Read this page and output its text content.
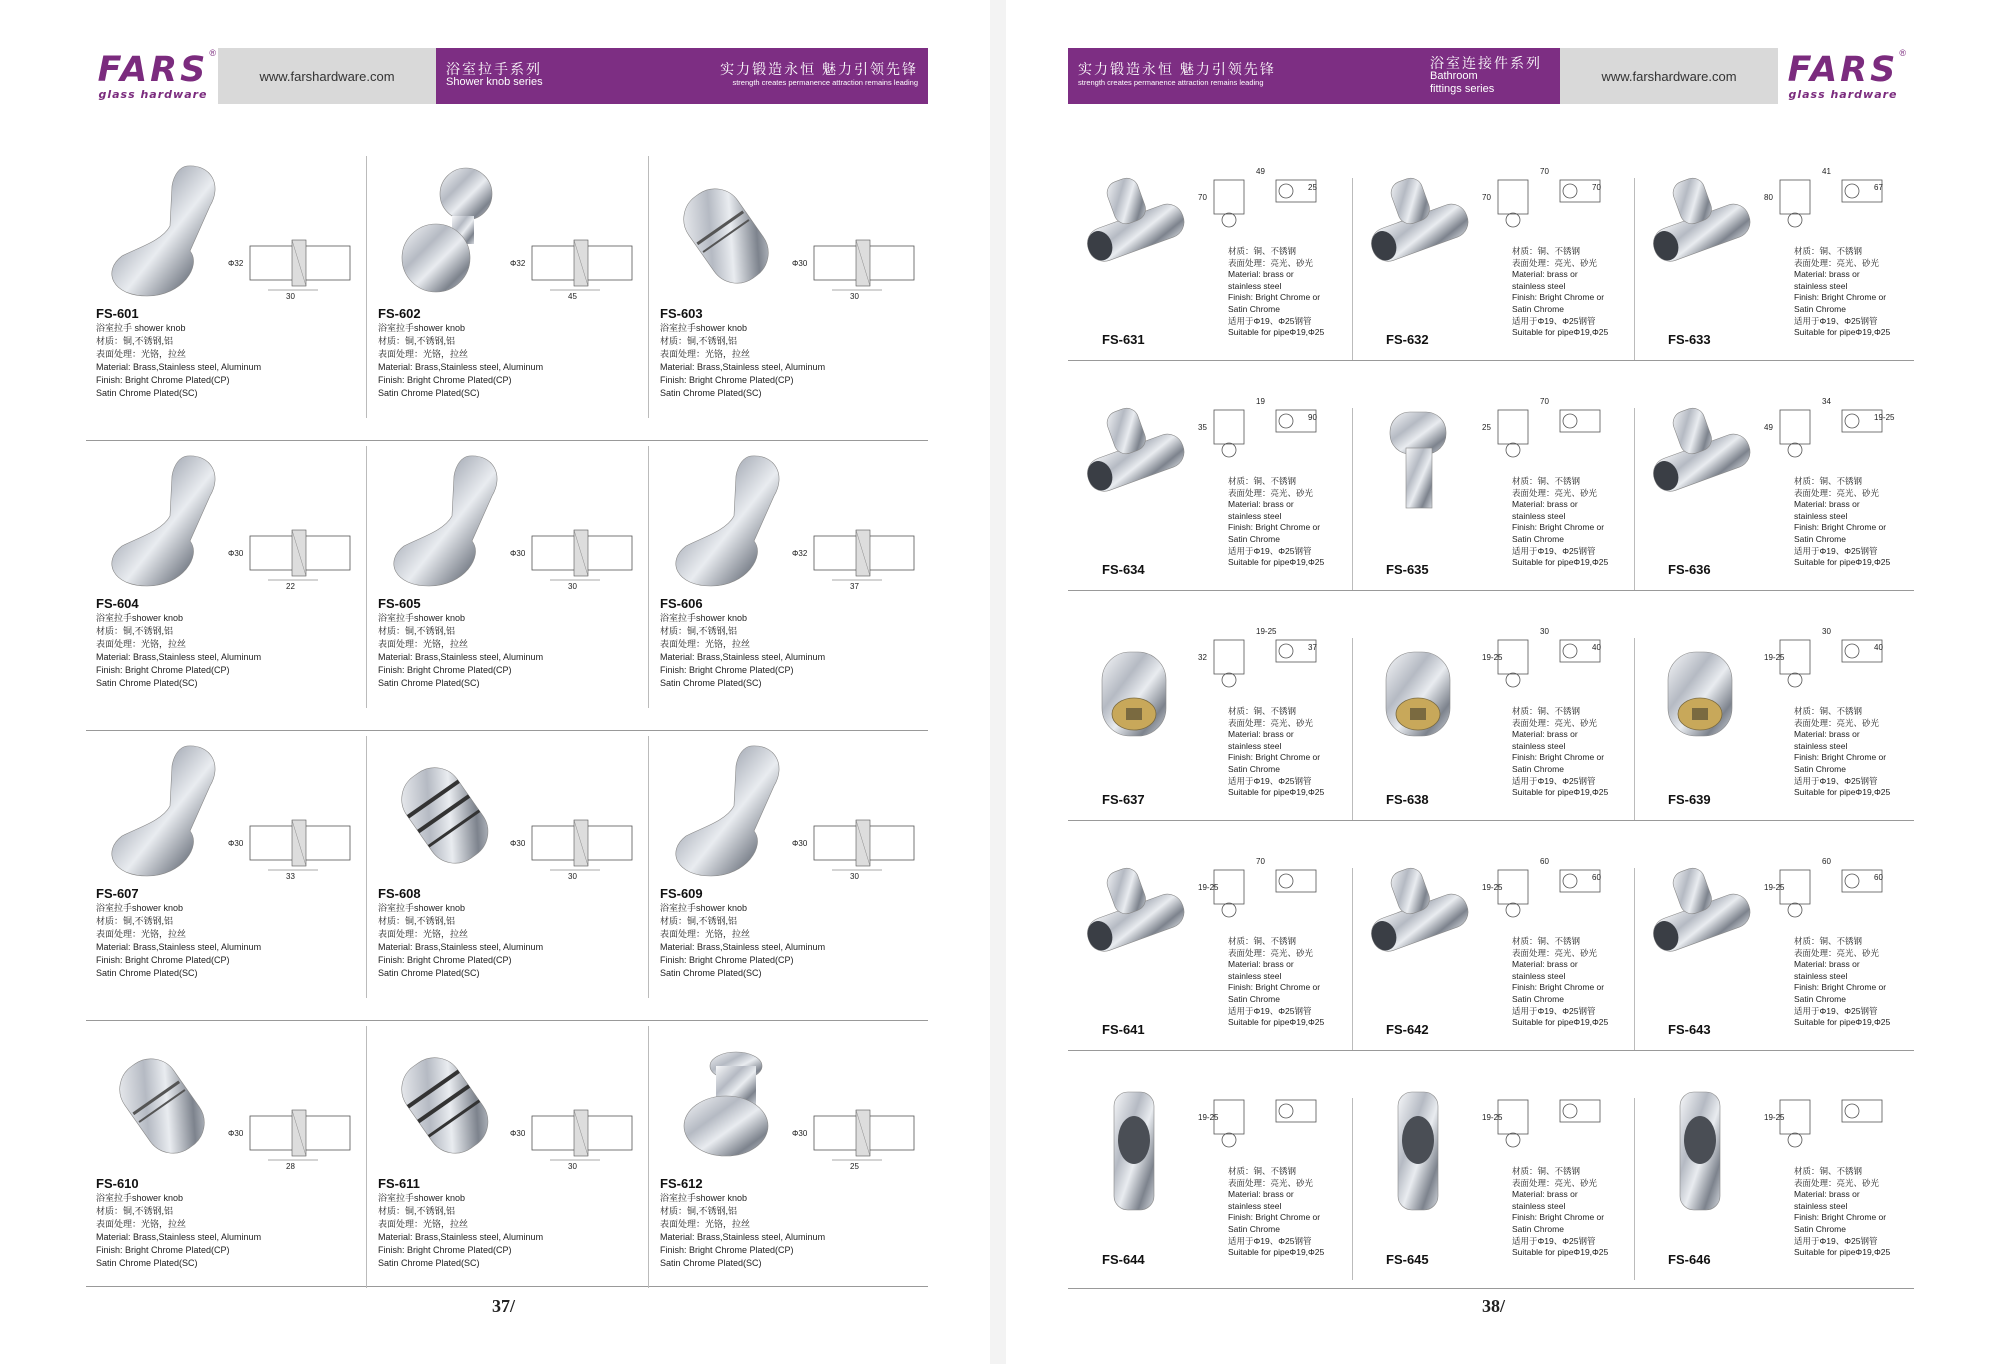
FARS
glass hardware
®
www.farshardware.com	浴室拉手系列
Shower knob series
实力锻造永恒 魅力引领先锋
strength creates permanence attraction remains leading
Φ32
30
FS-601
浴室拉手 shower knob
材质：铜,不锈钢,铝
表面处理：光铬，拉丝
Material: Brass,Stainless steel, Aluminum
Finish: Bright Chrome Plated(CP)
Satin Chrome Plated(SC)
Φ32
45
FS-602
浴室拉手shower knob
材质：铜,不锈钢,铝
表面处理：光铬，拉丝
Material: Brass,Stainless steel, Aluminum
Finish: Bright Chrome Plated(CP)
Satin Chrome Plated(SC)
Φ30
30
FS-603
浴室拉手shower knob
材质：铜,不锈钢,铝
表面处理：光铬，拉丝
Material: Brass,Stainless steel, Aluminum
Finish: Bright Chrome Plated(CP)
Satin Chrome Plated(SC)
Φ30
22
FS-604
浴室拉手shower knob
材质：铜,不锈钢,铝
表面处理：光铬，拉丝
Material: Brass,Stainless steel, Aluminum
Finish: Bright Chrome Plated(CP)
Satin Chrome Plated(SC)
Φ30
30
FS-605
浴室拉手shower knob
材质：铜,不锈钢,铝
表面处理：光铬，拉丝
Material: Brass,Stainless steel, Aluminum
Finish: Bright Chrome Plated(CP)
Satin Chrome Plated(SC)
Φ32
37
FS-606
浴室拉手shower knob
材质：铜,不锈钢,铝
表面处理：光铬，拉丝
Material: Brass,Stainless steel, Aluminum
Finish: Bright Chrome Plated(CP)
Satin Chrome Plated(SC)
Φ30
33
FS-607
浴室拉手shower knob
材质：铜,不锈钢,铝
表面处理：光铬，拉丝
Material: Brass,Stainless steel, Aluminum
Finish: Bright Chrome Plated(CP)
Satin Chrome Plated(SC)
Φ30
30
FS-608
浴室拉手shower knob
材质：铜,不锈钢,铝
表面处理：光铬，拉丝
Material: Brass,Stainless steel, Aluminum
Finish: Bright Chrome Plated(CP)
Satin Chrome Plated(SC)
Φ30
30
FS-609
浴室拉手shower knob
材质：铜,不锈钢,铝
表面处理：光铬，拉丝
Material: Brass,Stainless steel, Aluminum
Finish: Bright Chrome Plated(CP)
Satin Chrome Plated(SC)
Φ30
28
FS-610
浴室拉手shower knob
材质：铜,不锈钢,铝
表面处理：光铬，拉丝
Material: Brass,Stainless steel, Aluminum
Finish: Bright Chrome Plated(CP)
Satin Chrome Plated(SC)
Φ30
30
FS-611
浴室拉手shower knob
材质：铜,不锈钢,铝
表面处理：光铬，拉丝
Material: Brass,Stainless steel, Aluminum
Finish: Bright Chrome Plated(CP)
Satin Chrome Plated(SC)
Φ30
25
FS-612
浴室拉手shower knob
材质：铜,不锈钢,铝
表面处理：光铬，拉丝
Material: Brass,Stainless steel, Aluminum
Finish: Bright Chrome Plated(CP)
Satin Chrome Plated(SC)
37/
实力锻造永恒 魅力引领先锋
strength creates permanence attraction remains leading
浴室连接件系列
Bathroom fittings series
www.farshardware.com	FARS
glass hardware
®
70
49
25
材质：铜、不锈钢
表面处理：亮光、砂光
Material: brass or
stainless steel
Finish: Bright Chrome or
Satin Chrome
适用于Φ19、Φ25钢管
Suitable for pipeΦ19,Φ25
FS-631
70
70
70
材质：铜、不锈钢
表面处理：亮光、砂光
Material: brass or
stainless steel
Finish: Bright Chrome or
Satin Chrome
适用于Φ19、Φ25钢管
Suitable for pipeΦ19,Φ25
FS-632
80
41
67
材质：铜、不锈钢
表面处理：亮光、砂光
Material: brass or
stainless steel
Finish: Bright Chrome or
Satin Chrome
适用于Φ19、Φ25钢管
Suitable for pipeΦ19,Φ25
FS-633
35
19
90
材质：铜、不锈钢
表面处理：亮光、砂光
Material: brass or
stainless steel
Finish: Bright Chrome or
Satin Chrome
适用于Φ19、Φ25钢管
Suitable for pipeΦ19,Φ25
FS-634
25
70
材质：铜、不锈钢
表面处理：亮光、砂光
Material: brass or
stainless steel
Finish: Bright Chrome or
Satin Chrome
适用于Φ19、Φ25钢管
Suitable for pipeΦ19,Φ25
FS-635
49
34
19-25
材质：铜、不锈钢
表面处理：亮光、砂光
Material: brass or
stainless steel
Finish: Bright Chrome or
Satin Chrome
适用于Φ19、Φ25钢管
Suitable for pipeΦ19,Φ25
FS-636
32
19-25
37
材质：铜、不锈钢
表面处理：亮光、砂光
Material: brass or
stainless steel
Finish: Bright Chrome or
Satin Chrome
适用于Φ19、Φ25钢管
Suitable for pipeΦ19,Φ25
FS-637
19-25
30
40
材质：铜、不锈钢
表面处理：亮光、砂光
Material: brass or
stainless steel
Finish: Bright Chrome or
Satin Chrome
适用于Φ19、Φ25钢管
Suitable for pipeΦ19,Φ25
FS-638
19-25
30
40
材质：铜、不锈钢
表面处理：亮光、砂光
Material: brass or
stainless steel
Finish: Bright Chrome or
Satin Chrome
适用于Φ19、Φ25钢管
Suitable for pipeΦ19,Φ25
FS-639
19-25
70
材质：铜、不锈钢
表面处理：亮光、砂光
Material: brass or
stainless steel
Finish: Bright Chrome or
Satin Chrome
适用于Φ19、Φ25钢管
Suitable for pipeΦ19,Φ25
FS-641
19-25
60
60
材质：铜、不锈钢
表面处理：亮光、砂光
Material: brass or
stainless steel
Finish: Bright Chrome or
Satin Chrome
适用于Φ19、Φ25钢管
Suitable for pipeΦ19,Φ25
FS-642
19-25
60
60
材质：铜、不锈钢
表面处理：亮光、砂光
Material: brass or
stainless steel
Finish: Bright Chrome or
Satin Chrome
适用于Φ19、Φ25钢管
Suitable for pipeΦ19,Φ25
FS-643
19-25
材质：铜、不锈钢
表面处理：亮光、砂光
Material: brass or
stainless steel
Finish: Bright Chrome or
Satin Chrome
适用于Φ19、Φ25钢管
Suitable for pipeΦ19,Φ25
FS-644
19-25
材质：铜、不锈钢
表面处理：亮光、砂光
Material: brass or
stainless steel
Finish: Bright Chrome or
Satin Chrome
适用于Φ19、Φ25钢管
Suitable for pipeΦ19,Φ25
FS-645
19-25
材质：铜、不锈钢
表面处理：亮光、砂光
Material: brass or
stainless steel
Finish: Bright Chrome or
Satin Chrome
适用于Φ19、Φ25钢管
Suitable for pipeΦ19,Φ25
FS-646
38/
